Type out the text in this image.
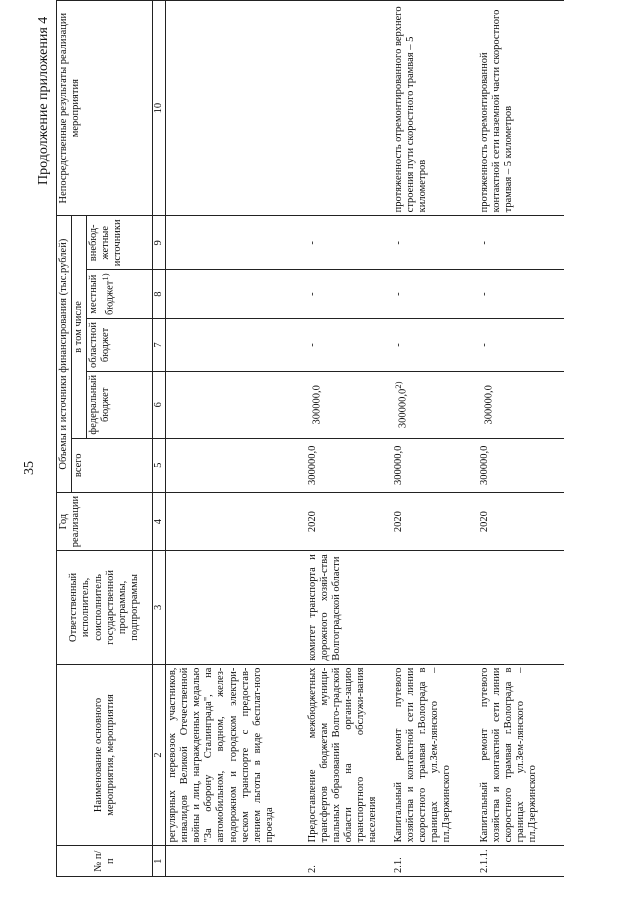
35
Продолжение приложения 4
№ п/п	Наименование основного мероприятия, мероприятия	Ответственный исполнитель, соисполнитель государственной программы, подпрограммы	Год реализации	Объемы и источники финансирования (тыс.рублей)					Непосредственные результаты реализации мероприятия
				всего	в том числе				
					федеральный бюджет	областной бюджет	местный бюджет$^{1)}$	внебюд-жетные источники	
1	2	3	4	5	6	7	8	9	10
	регулярных перевозок участников, инвалидов Великой Отечественной войны и лиц, награжденных медалью "За оборону Сталинграда", на автомобильном, водном, желез-нодорожном и городском электри-ческом транспорте с предостав-лением льготы в виде бесплат-ного проезда								
2.	Предоставление межбюджетных трансфертов бюджетам муници-пальных образований Волго-градской области на органи-зацию транспортного обслужи-вания населения	комитет транспорта и дорожного хозяй-ства Волгоградской области	2020	300000,0	300000,0	-	-	-	
2.1.	Капитальный ремонт путевого хозяйства и контактной сети линии скоростного трамвая г.Волограда в границах ул.Зем-лянского – пл.Дзержинского		2020	300000,0	300000,0$^{2)}$	-	-	-	протяженность отремонтированного верхнего строения пути скоростного трамвая – 5 километров
2.1.1.	Капитальный ремонт путевого хозяйства и контактной сети линии скоростного трамвая г.Волограда в границах ул.Зем-лянского – пл.Дзержинского		2020	300000,0	300000,0	-	-	-	протяженность отремонтированной контактной сети наземной части скоростного трамвая – 5 километров
